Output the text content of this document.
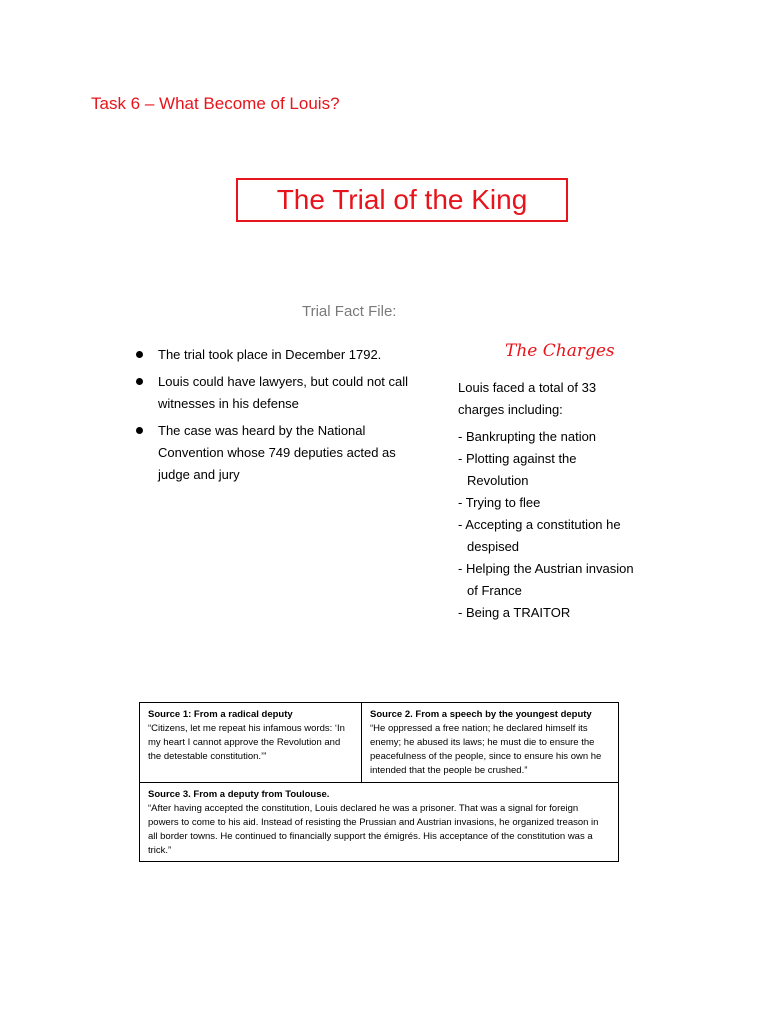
Task 6 – What Become of Louis?
The Trial of the King
Trial Fact File:
The trial took place in December 1792.
Louis could have lawyers, but could not call witnesses in his defense
The case was heard by the National Convention whose 749 deputies acted as judge and jury
The Charges
Louis faced a total of 33 charges including:
- Bankrupting the nation
- Plotting against the Revolution
- Trying to flee
- Accepting a constitution he despised
- Helping the Austrian invasion of France
- Being a TRAITOR
Source 1: From a radical deputy
“Citizens, let me repeat his infamous words: ‘In my heart I cannot approve the Revolution and the detestable constitution.’”
Source 2. From a speech by the youngest deputy
“He oppressed a free nation; he declared himself its enemy; he abused its laws; he must die to ensure the peacefulness of the people, since to ensure his own he intended that the people be crushed.”
Source 3. From a deputy from Toulouse.
“After having accepted the constitution, Louis declared he was a prisoner. That was a signal for foreign powers to come to his aid. Instead of resisting the Prussian and Austrian invasions, he organized treason in all border towns. He continued to financially support the émigrés. His acceptance of the constitution was a trick.”
